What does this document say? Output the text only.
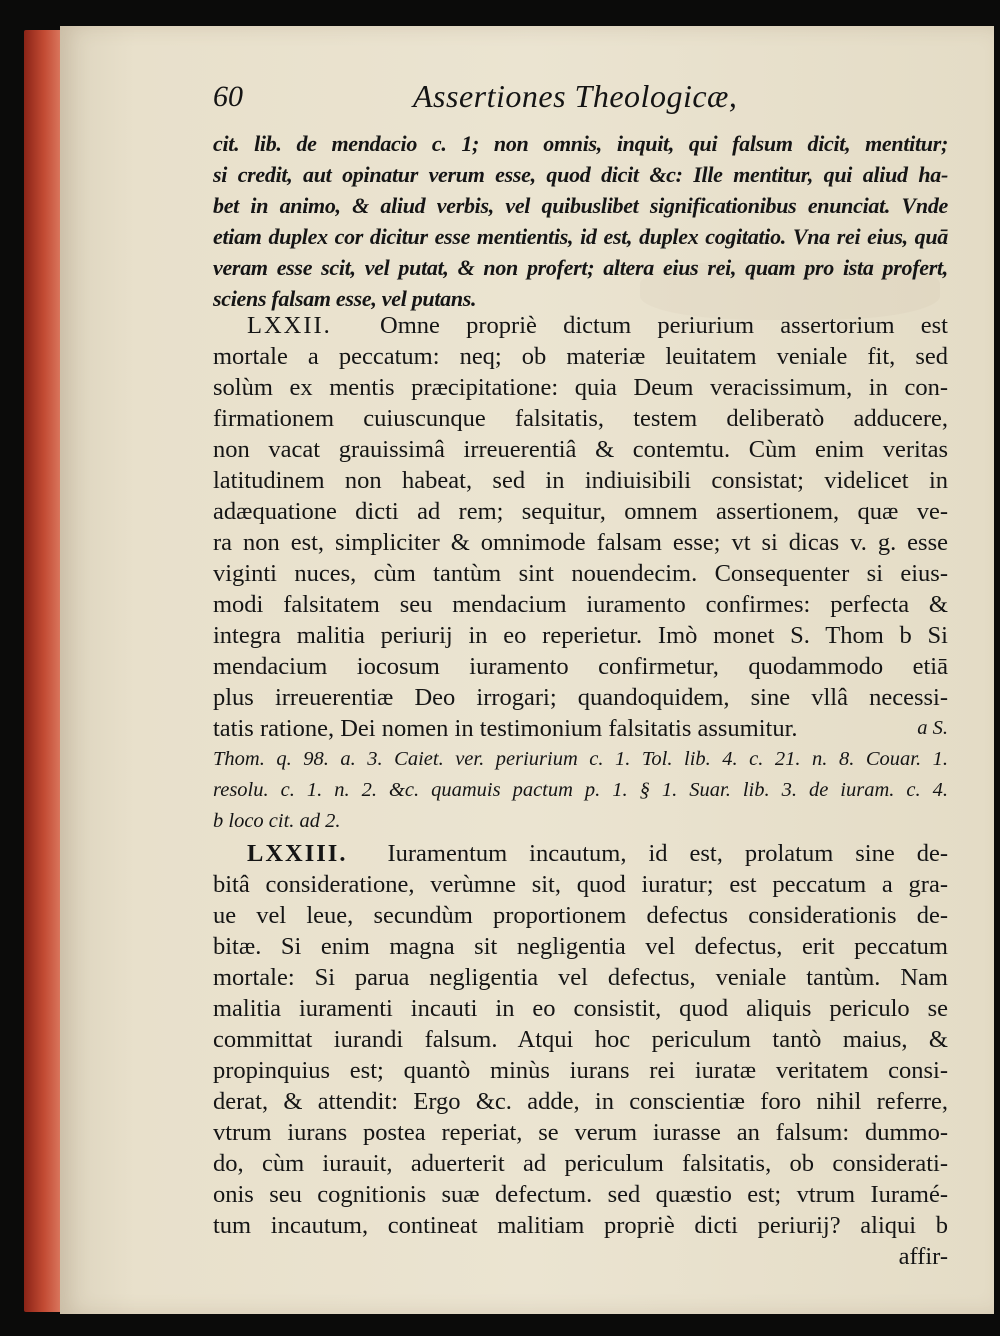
60	Assertiones Theologicæ,
cit. lib. de mendacio c. 1; non omnis, inquit, qui falsum dicit, mentitur;
si credit, aut opinatur verum esse, quod dicit &c: Ille mentitur, qui aliud ha-
bet in animo, & aliud verbis, vel quibuslibet significationibus enunciat. Vnde
etiam duplex cor dicitur esse mentientis, id est, duplex cogitatio. Vna rei eius, quā
veram esse scit, vel putat, & non profert; altera eius rei, quam pro ista profert,
sciens falsam esse, vel putans.
LXXII. Omne propriè dictum periurium assertorium est
mortale a peccatum: neq; ob materiæ leuitatem veniale fit, sed
solùm ex mentis præcipitatione: quia Deum veracissimum, in con-
firmationem cuiuscunque falsitatis, testem deliberatò adducere,
non vacat grauissimâ irreuerentiâ & contemtu. Cùm enim veritas
latitudinem non habeat, sed in indiuisibili consistat; videlicet in
adæquatione dicti ad rem; sequitur, omnem assertionem, quæ ve-
ra non est, simpliciter & omnimode falsam esse; vt si dicas v. g. esse
viginti nuces, cùm tantùm sint nouendecim. Consequenter si eius-
modi falsitatem seu mendacium iuramento confirmes: perfecta &
integra malitia periurij in eo reperietur. Imò monet S. Thom b Si
mendacium iocosum iuramento confirmetur, quodammodo etiā
plus irreuerentiæ Deo irrogari; quandoquidem, sine vllâ necessi-
tatis ratione, Dei nomen in testimonium falsitatis assumitur.	a S.
Thom. q. 98. a. 3. Caiet. ver. periurium c. 1. Tol. lib. 4. c. 21. n. 8. Couar. 1.
resolu. c. 1. n. 2. &c. quamuis pactum p. 1. § 1. Suar. lib. 3. de iuram. c. 4.
b loco cit. ad 2.
LXXIII. Iuramentum incautum, id est, prolatum sine de-
bitâ consideratione, verùmne sit, quod iuratur; est peccatum a gra-
ue vel leue, secundùm proportionem defectus considerationis de-
bitæ. Si enim magna sit negligentia vel defectus, erit peccatum
mortale: Si parua negligentia vel defectus, veniale tantùm. Nam
malitia iuramenti incauti in eo consistit, quod aliquis periculo se
committat iurandi falsum. Atqui hoc periculum tantò maius, &
propinquius est; quantò minùs iurans rei iuratæ veritatem consi-
derat, & attendit: Ergo &c. adde, in conscientiæ foro nihil referre,
vtrum iurans postea reperiat, se verum iurasse an falsum: dummo-
do, cùm iurauit, aduerterit ad periculum falsitatis, ob considerati-
onis seu cognitionis suæ defectum. sed quæstio est; vtrum Iuramé-
tum incautum, contineat malitiam propriè dicti periurij? aliqui b
affir-
